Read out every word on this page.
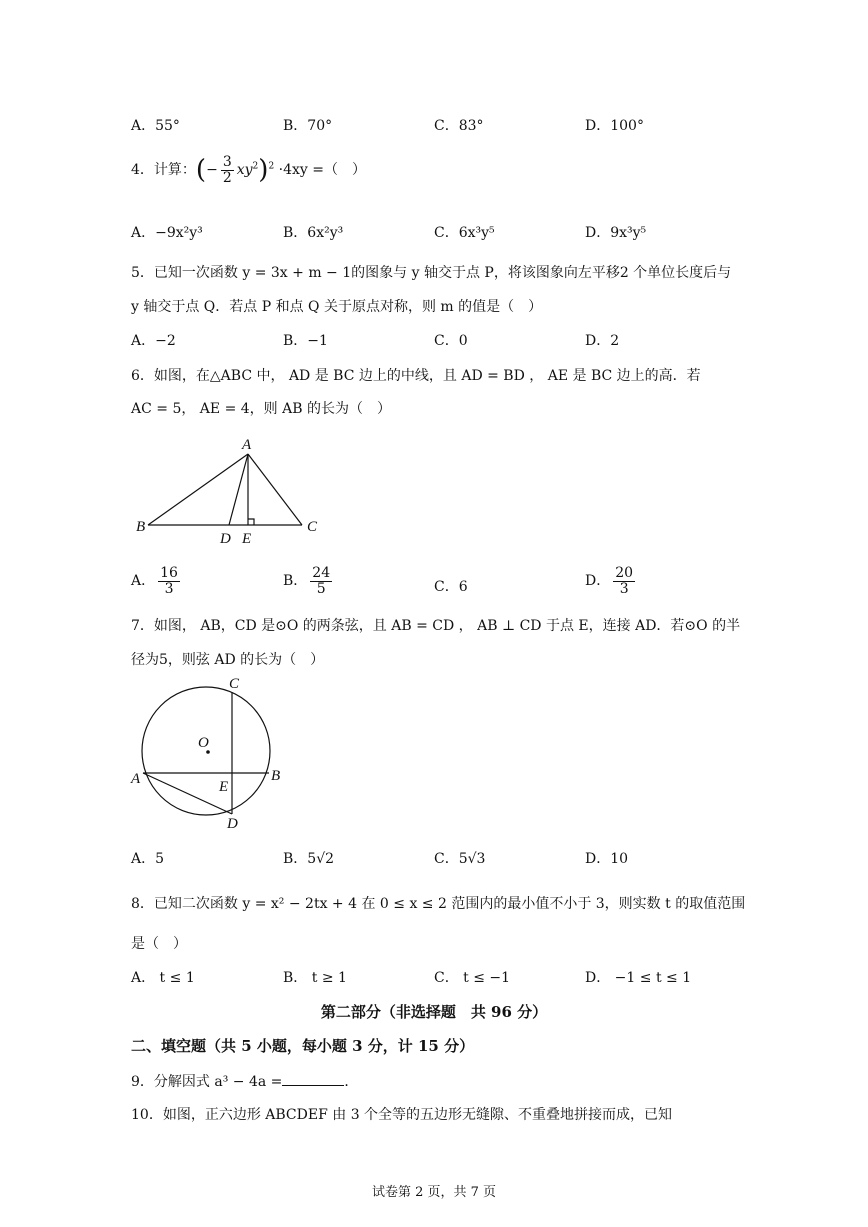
A．55°	B．70°	C．83°	D．100°
4．计算：(− $\frac{3}{2} xy^2)^2 \cdot 4xy$ =（　）
A．−9x²y³	B．6x²y³	C．6x³y⁵	D．9x³y⁵
5．已知一次函数 y = 3x + m − 1的图象与 y 轴交于点 P，将该图象向左平移2 个单位长度后与
y 轴交于点 Q．若点 P 和点 Q 关于原点对称，则 m 的值是（　）
A．−2	B．−1	C．0	D．2
6．如图，在△ABC 中， AD 是 BC 边上的中线，且 AD = BD ， AE 是 BC 边上的高．若
AC = 5， AE = 4，则 AB 的长为（　）
A
B	C
D E
A． $\frac{16}{3}$	B． $\frac{24}{5}$	C．6	D． $\frac{20}{3}$
7．如图， AB，CD 是⊙O 的两条弦，且 AB = CD ， AB ⊥ CD 于点 E，连接 AD．若⊙O 的半
径为5，则弦 AD 的长为（　）
C
O
A	B
E
D
A．5	B．5√2	C．5√3	D．10
8．已知二次函数 y = x² − 2tx + 4 在 0 ≤ x ≤ 2 范围内的最小值不小于 3，则实数 t 的取值范围
是（　）
A． t ≤ 1	B． t ≥ 1	C． t ≤ −1	D． −1 ≤ t ≤ 1
第二部分（非选择题　共 96 分）
二、填空题（共 5 小题，每小题 3 分，计 15 分）
9．分解因式 a³ − 4a =	．
10．如图，正六边形 ABCDEF 由 3 个全等的五边形无缝隙、不重叠地拼接而成，已知
试卷第 2 页，共 7 页
